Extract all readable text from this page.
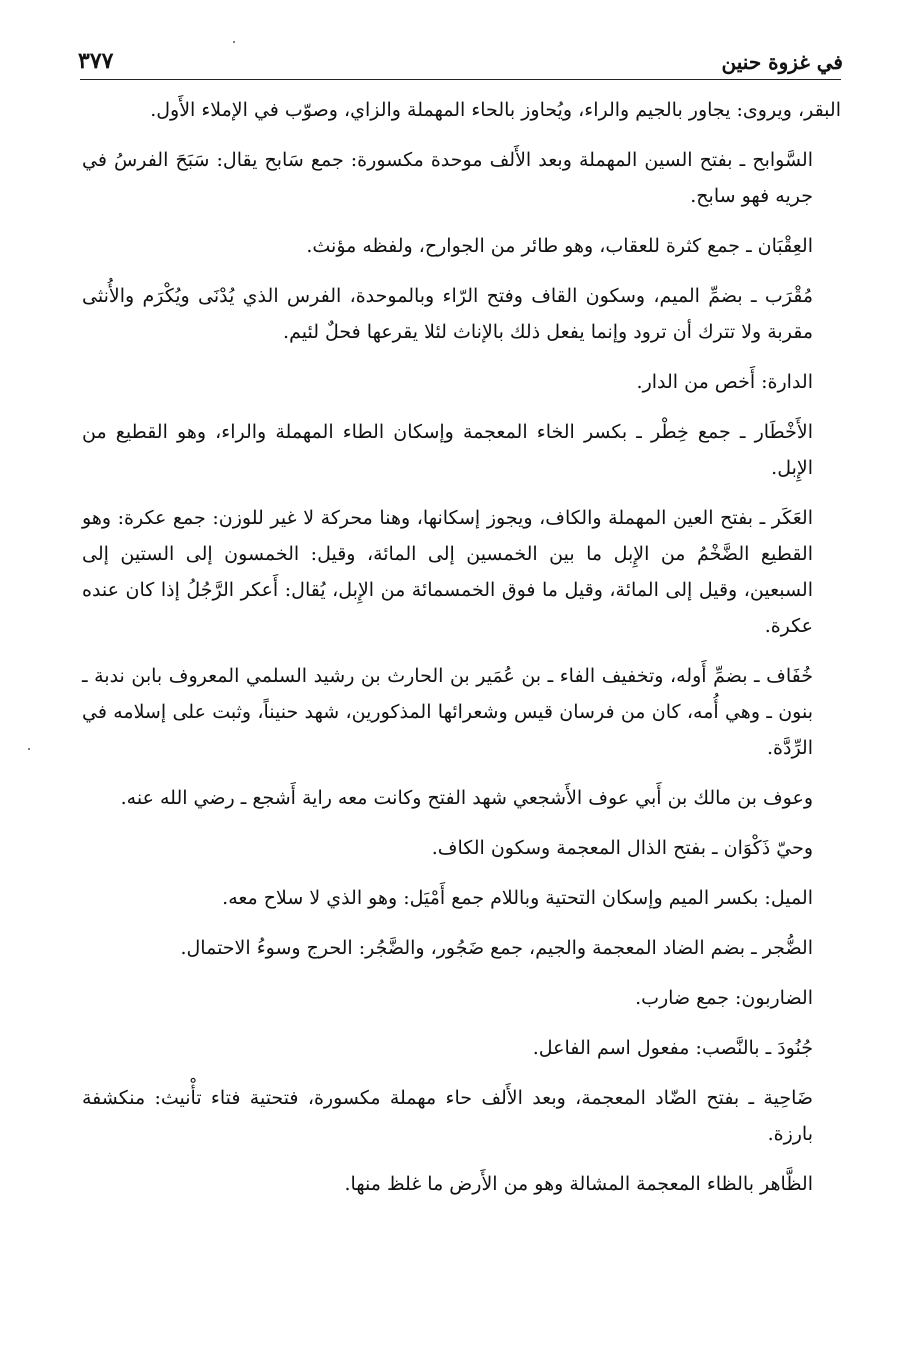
في غزوة حنين
٣٧٧

البقر، ويروى: يجاور بالجيم والراء، ويُحاوز بالحاء المهملة والزاي، وصوّب في الإملاء الأَول.

السَّوابح ـ بفتح السين المهملة وبعد الأَلف موحدة مكسورة: جمع سَابح يقال: سَبَحَ الفرسُ في جريه فهو سابح.

العِقْبَان ـ جمع كثرة للعقاب، وهو طائر من الجوارح، ولفظه مؤنث.

مُقْرَب ـ بضمِّ الميم، وسكون القاف وفتح الرّاء وبالموحدة، الفرس الذي يُدْنَى ويُكْرَم والأُنثى مقربة ولا تترك أن ترود وإنما يفعل ذلك بالإناث لئلا يقرعها فحلٌ لئيم.

الدارة: أَخص من الدار.

الأَخْطَار ـ جمع خِطْر ـ بكسر الخاء المعجمة وإسكان الطاء المهملة والراء، وهو القطيع من الإِبل.

العَكَر ـ بفتح العين المهملة والكاف، ويجوز إسكانها، وهنا محركة لا غير للوزن: جمع عكرة: وهو القطيع الضَّخْمُ من الإِبل ما بين الخمسين إلى المائة، وقيل: الخمسون إلى الستين إلى السبعين، وقيل إلى المائة، وقيل ما فوق الخمسمائة من الإِبل، يُقال: أَعكر الرَّجُلُ إذا كان عنده عكرة.

خُفَاف ـ بضمِّ أَوله، وتخفيف الفاء ـ بن عُمَير بن الحارث بن رشيد السلمي المعروف بابن ندبة ـ بنون ـ وهي أُمه، كان من فرسان قيس وشعرائها المذكورين، شهد حنيناً، وثبت على إسلامه في الرِّدَّة.

وعوف بن مالك بن أَبي عوف الأَشجعي شهد الفتح وكانت معه راية أَشجع ـ رضي الله عنه.

وحيّ ذَكْوَان ـ بفتح الذال المعجمة وسكون الكاف.

الميل: بكسر الميم وإسكان التحتية وباللام جمع أَمْيَل: وهو الذي لا سلاح معه.

الضُّجر ـ بضم الضاد المعجمة والجيم، جمع ضَجُور، والضَّجُر: الحرج وسوءُ الاحتمال.

الضاربون: جمع ضارب.

جُنُودَ ـ بالنَّصب: مفعول اسم الفاعل.

ضَاحِية ـ بفتح الضّاد المعجمة، وبعد الأَلف حاء مهملة مكسورة، فتحتية فتاء تأْنيث: منكشفة بارزة.

الظَّاهر بالظاء المعجمة المشالة وهو من الأَرض ما غلظ منها.
